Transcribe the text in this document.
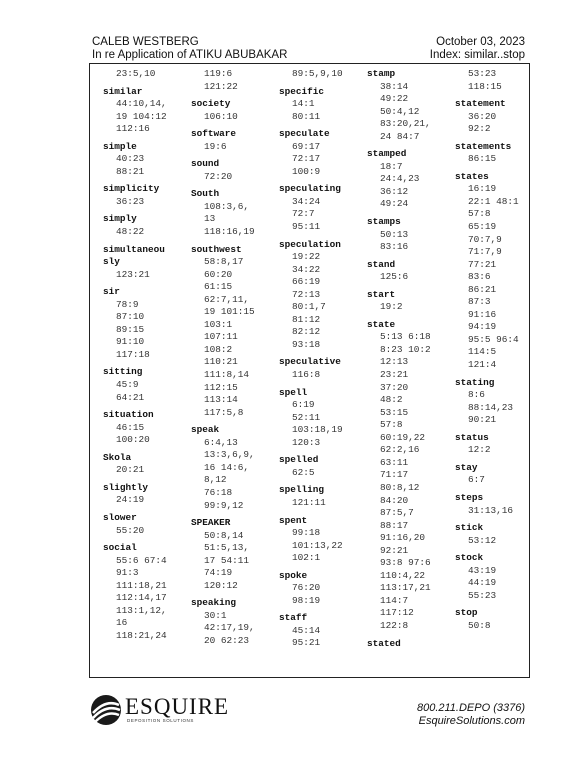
CALEB WESTBERG
In re Application of ATIKU ABUBAKAR
October 03, 2023
Index: similar..stop
23:5,10
similar
44:10,14,
19 104:12
112:16
simple
40:23
88:21
simplicity
36:23
simply
48:22
simultaneou
sly
123:21
sir
78:9
87:10
89:15
91:10
117:18
sitting
45:9
64:21
situation
46:15
100:20
Skola
20:21
slightly
24:19
slower
55:20
social
55:6 67:4
91:3
111:18,21
112:14,17
113:1,12,
16
118:21,24
119:6
121:22
society
106:10
software
19:6
sound
72:20
South
108:3,6,
13
118:16,19
southwest
58:8,17
60:20
61:15
62:7,11,
19 101:15
103:1
107:11
108:2
110:21
111:8,14
112:15
113:14
117:5,8
speak
6:4,13
13:3,6,9,
16 14:6,
8,12
76:18
99:9,12
SPEAKER
50:8,14
51:5,13,
17 54:11
74:19
120:12
speaking
30:1
42:17,19,
20 62:23
89:5,9,10
specific
14:1
80:11
speculate
69:17
72:17
100:9
speculating
34:24
72:7
95:11
speculation
19:22
34:22
66:19
72:13
80:1,7
81:12
82:12
93:18
speculative
116:8
spell
6:19
52:11
103:18,19
120:3
spelled
62:5
spelling
121:11
spent
99:18
101:13,22
102:1
spoke
76:20
98:19
staff
45:14
95:21
stamp
38:14
49:22
50:4,12
83:20,21,
24 84:7
stamped
18:7
24:4,23
36:12
49:24
stamps
50:13
83:16
stand
125:6
start
19:2
state
5:13 6:18
8:23 10:2
12:13
23:21
37:20
48:2
53:15
57:8
60:19,22
62:2,16
63:11
71:17
80:8,12
84:20
87:5,7
88:17
91:16,20
92:21
93:8 97:6
110:4,22
113:17,21
114:7
117:12
122:8
stated
53:23
118:15
statement
36:20
92:2
statements
86:15
states
16:19
22:1 48:1
57:8
65:19
70:7,9
71:7,9
77:21
83:6
86:21
87:3
91:16
94:19
95:5 96:4
114:5
121:4
stating
8:6
88:14,23
90:21
status
12:2
stay
6:7
steps
31:13,16
stick
53:12
stock
43:19
44:19
55:23
stop
50:8
ESQUIRE
DEPOSITION SOLUTIONS
800.211.DEPO (3376)
EsquireSolutions.com
